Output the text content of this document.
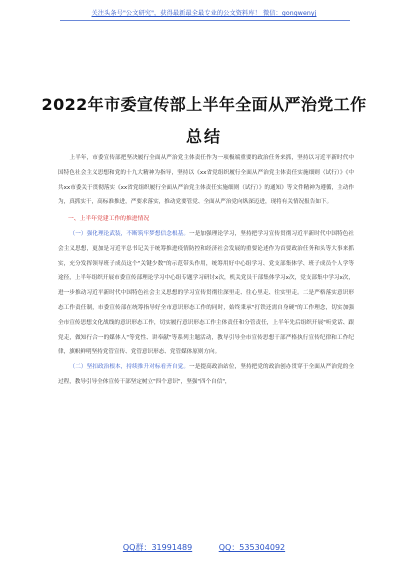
关注头条号"公文研究"，获得最新最全最专业的公文资料库！ 微信：gongwenyj
2022年市委宣传部上半年全面从严治党工作
总结

上半年，市委宣传部把坚决履行全面从严治党主体责任作为一项极端重要的政治任务来抓，坚持以习近平新时代中国特色社会主义思想和党的十九大精神为指导，坚持以《xx省党组织履行全面从严治党主体责任实施细则（试行）》《中共xx市委关于贯彻落实《xx省党组织履行全面从严治党主体责任实施细则（试行）》的通知》等文件精神为遵循，主动作为，真抓实干，高标准推进，严要求落实，推动党要管党、全面从严治党向纵深迈进，现将有关情况报告如下。

一、上半年党建工作的推进情况

（一）强化理论武装，不断筑牢梦想信念根基。一是加强理论学习，坚持把学习宣传贯彻习近平新时代中国特色社会主义思想，更加是习近平总书记关于统筹推进疫情防控和经济社会发展的重要论述作为首要政治任务和头等大事来抓实，充分发挥领导班子成员这个"关键少数"的示范带头作用，统筹用好中心组学习、党支部集体学、班子成员个人学等途径，上半年组织开展市委宣传部理论学习中心组专题学习研讨x次，机关党员干部集体学习x次，党支部集中学习x次，进一步推动习近平新时代中国特色社会主义思想的学习宣传贯彻往深里走、往心里走、往实里走。二是严格落实意识形态工作责任制，市委宣传部在统筹指导好全市意识形态工作的同时，始终秉承"打铁还需自身硬"的工作理念，切实加强全市宣传思想文化战线的意识形态工作，切实履行意识形态工作主体责任和分管责任，上半年先后组织开展"听党话、跟党走，做知行合一的媒体人"等党性、讲奉献"等系列主题活动，教导引导全市宣传思想干部严格执行宣传纪律和工作纪律，旗帜鲜明坚持党管宣传、党管意识形态、党管媒体原则方向。

（二）坚扣政治根本，持续推升对标看齐自觉。一是提高政治站位，坚持把党的政治创办贯穿于全面从严治党的全过程，教导引导全体宣传干部坚定树立"四个意识"，坚强"四个自信"，

QQ群：31991489	QQ：535304092
